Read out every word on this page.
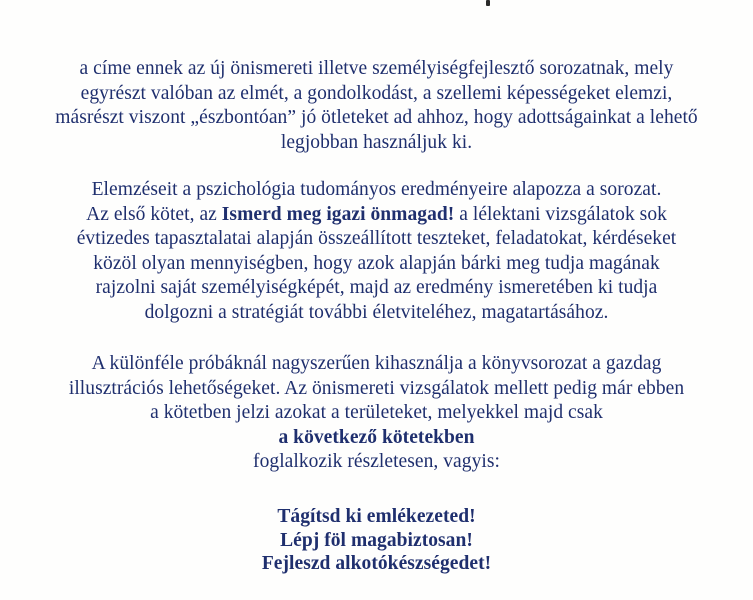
a címe ennek az új önismereti illetve személyiségfejlesztő sorozatnak, mely
egyrészt valóban az elmét, a gondolkodást, a szellemi képességeket elemzi,
másrészt viszont „észbontóan” jó ötleteket ad ahhoz, hogy adottságainkat a lehető
legjobban használjuk ki.
Elemzéseit a pszichológia tudományos eredményeire alapozza a sorozat.
Az első kötet, az Ismerd meg igazi önmagad! a lélektani vizsgálatok sok
évtizedes tapasztalatai alapján összeállított teszteket, feladatokat, kérdéseket
közöl olyan mennyiségben, hogy azok alapján bárki meg tudja magának
rajzolni saját személyiségképét, majd az eredmény ismeretében ki tudja
dolgozni a stratégiát további életviteléhez, magatartásához.
A különféle próbáknál nagyszerűen kihasználja a könyvsorozat a gazdag
illusztrációs lehetőségeket. Az önismereti vizsgálatok mellett pedig már ebben
a kötetben jelzi azokat a területeket, melyekkel majd csak
a következő kötetekben
foglalkozik részletesen, vagyis:
Tágítsd ki emlékezeted!
Lépj föl magabiztosan!
Fejleszd alkotókészségedet!
